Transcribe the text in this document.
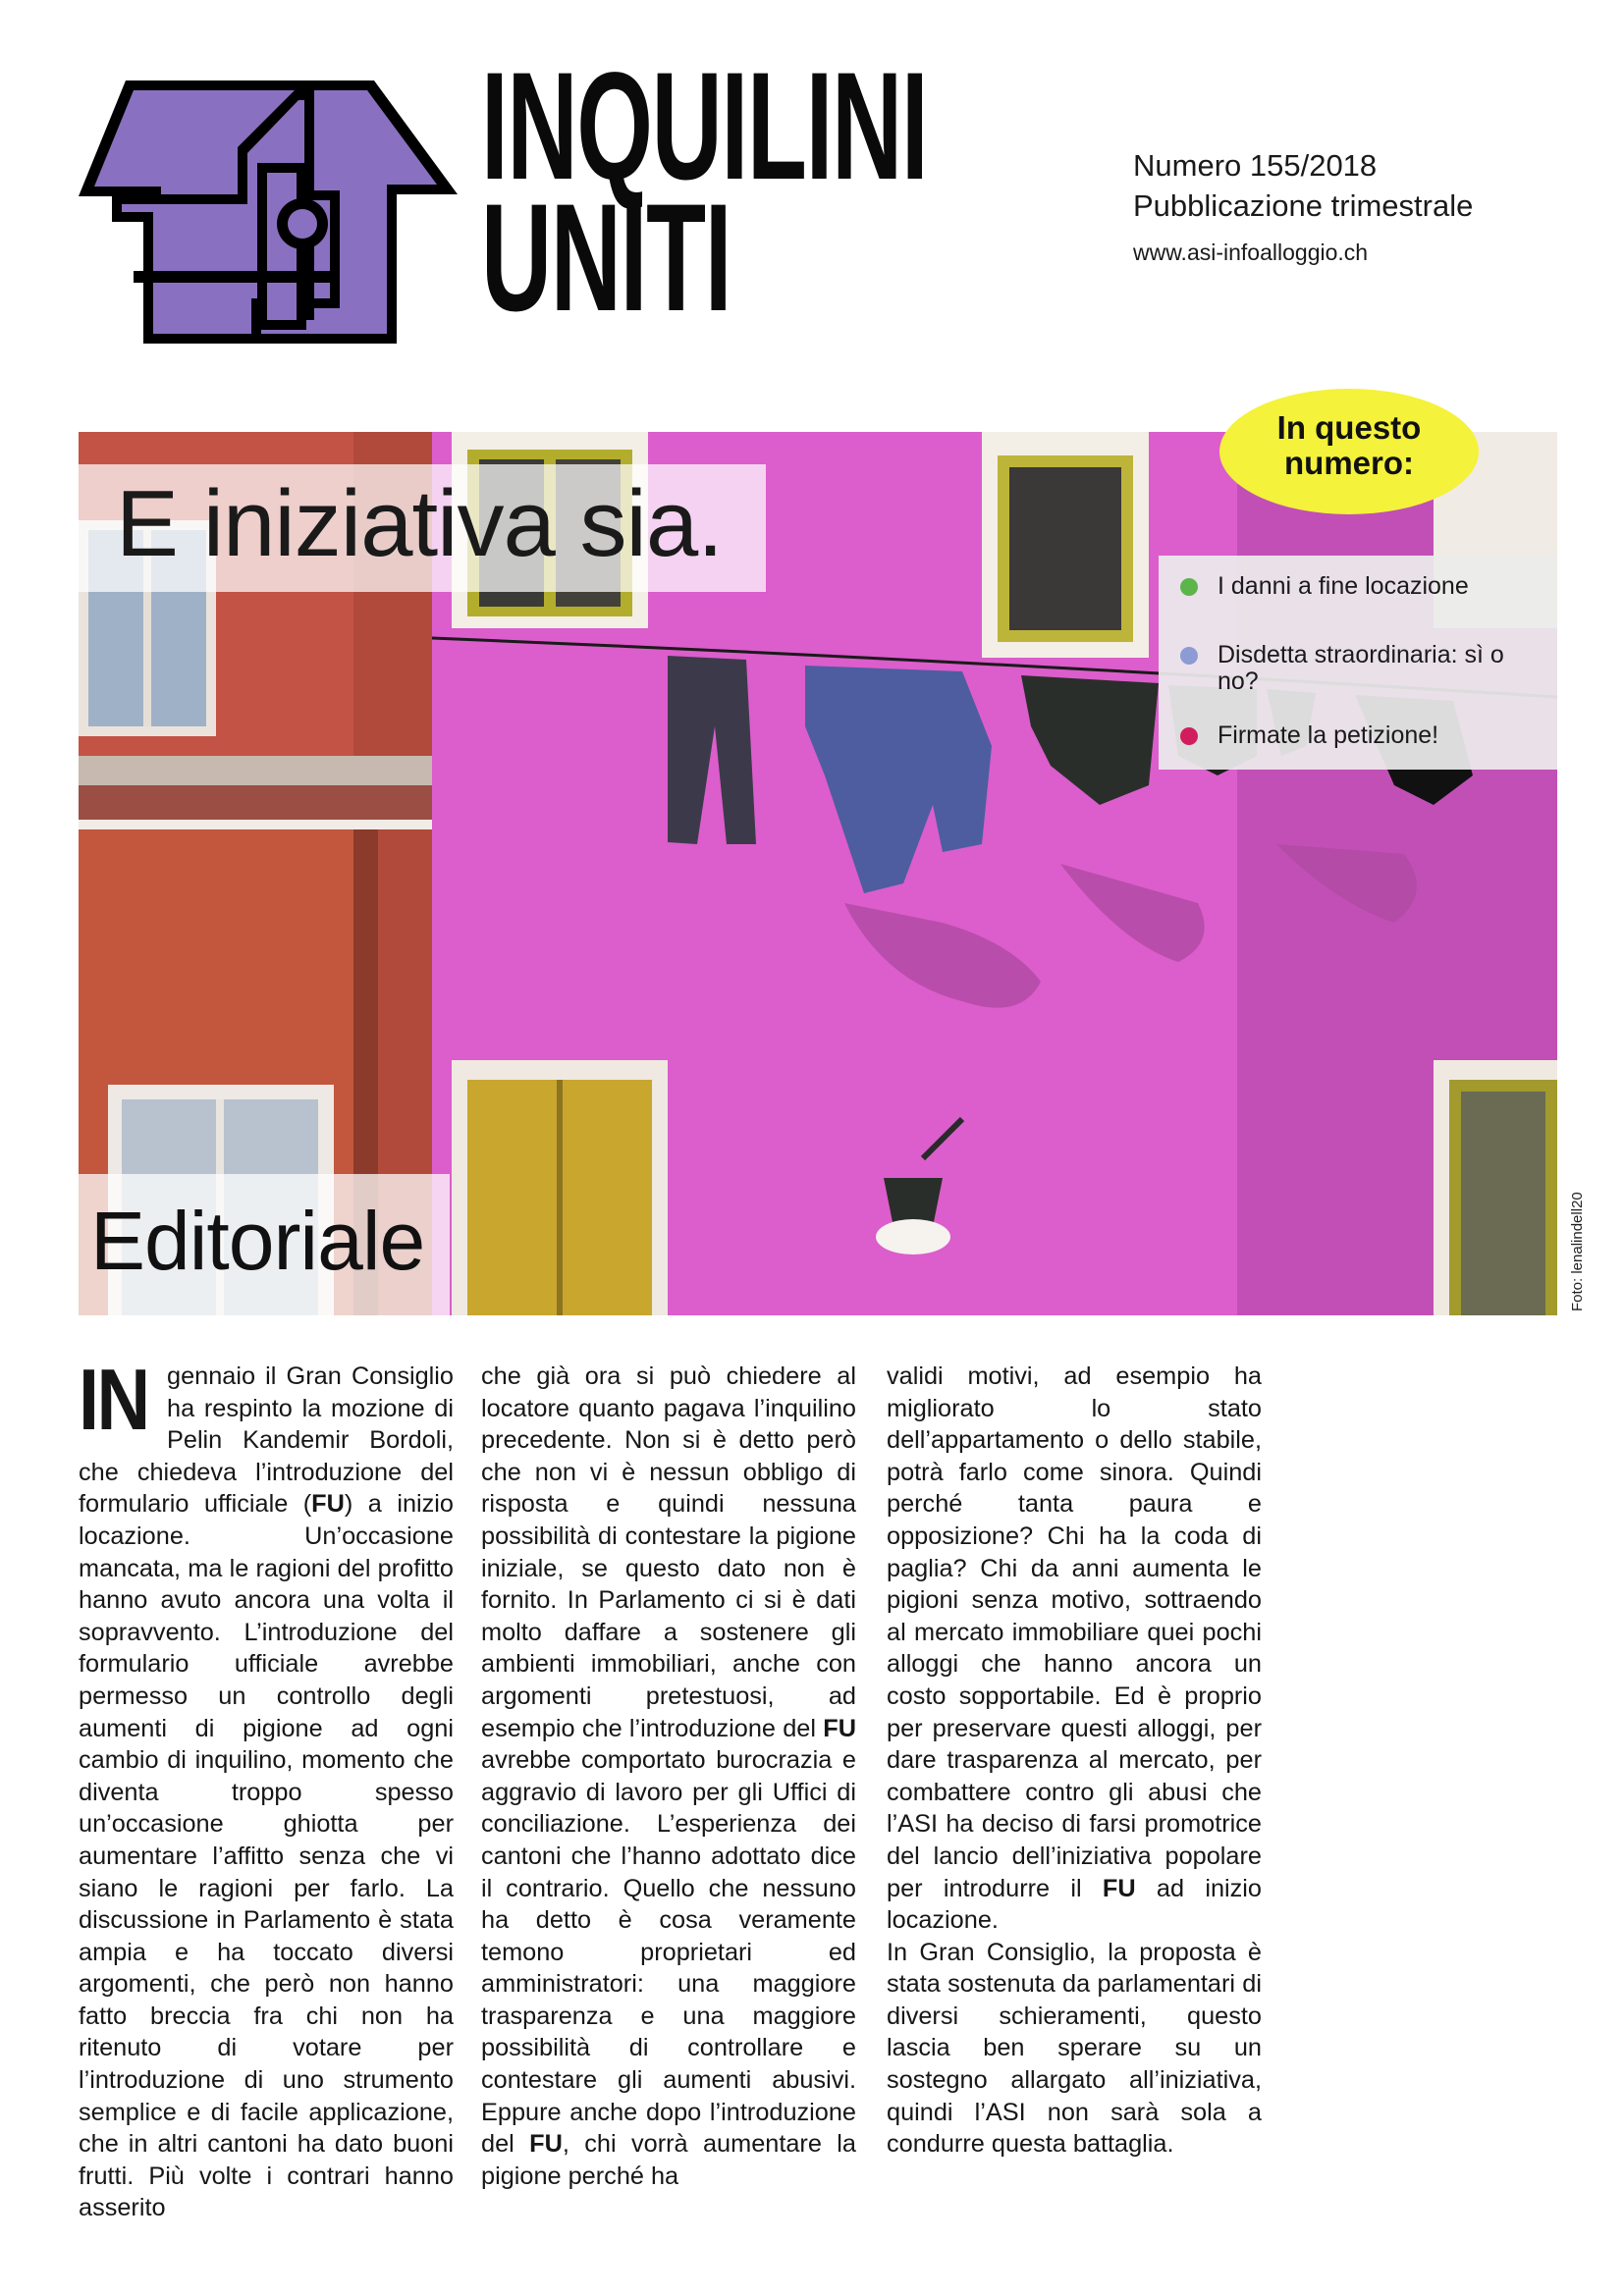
INQUILINI
UNITI
Numero 155/2018
Pubblicazione trimestrale
www.asi-infoalloggio.ch
E iniziativa sia.
Editoriale
In questo numero:
I danni a fine locazione
Disdetta straordinaria: sì o no?
Firmate la petizione!
Foto: lenalindell20

IN gennaio il Gran Consiglio ha respinto la mozione di Pelin Kandemir Bordoli, che chiedeva l’introduzione del formulario ufficiale (FU) a inizio locazione. Un’occasione mancata, ma le ragioni del profitto hanno avuto ancora una volta il sopravvento. L’introduzione del formulario ufficiale avrebbe permesso un controllo degli aumenti di pigione ad ogni cambio di inquilino, momento che diventa troppo spesso un’occasione ghiotta per aumentare l’affitto senza che vi siano le ragioni per farlo. La discussione in Parlamento è stata ampia e ha toccato diversi argomenti, che però non hanno fatto breccia fra chi non ha ritenuto di votare per l’introduzione di uno strumento semplice e di facile applicazione, che in altri cantoni ha dato buoni frutti. Più volte i contrari hanno asserito

che già ora si può chiedere al locatore quanto pagava l’inquilino precedente. Non si è detto però che non vi è nessun obbligo di risposta e quindi nessuna possibilità di contestare la pigione iniziale, se questo dato non è fornito. In Parlamento ci si è dati molto daffare a sostenere gli ambienti immobiliari, anche con argomenti pretestuosi, ad esempio che l’introduzione del FU avrebbe comportato burocrazia e aggravio di lavoro per gli Uffici di conciliazione. L’esperienza dei cantoni che l’hanno adottato dice il contrario. Quello che nessuno ha detto è cosa veramente temono proprietari ed amministratori: una maggiore trasparenza e una maggiore possibilità di controllare e contestare gli aumenti abusivi. Eppure anche dopo l’introduzione del FU, chi vorrà aumentare la pigione perché ha

validi motivi, ad esempio ha migliorato lo stato dell’appartamento o dello stabile, potrà farlo come sinora. Quindi perché tanta paura e opposizione? Chi ha la coda di paglia? Chi da anni aumenta le pigioni senza motivo, sottraendo al mercato immobiliare quei pochi alloggi che hanno ancora un costo sopportabile. Ed è proprio per preservare questi alloggi, per dare trasparenza al mercato, per combattere contro gli abusi che l’ASI ha deciso di farsi promotrice del lancio dell’iniziativa popolare per introdurre il FU ad inizio locazione.

In Gran Consiglio, la proposta è stata sostenuta da parlamentari di diversi schieramenti, questo lascia ben sperare su un sostegno allargato all’iniziativa, quindi l’ASI non sarà sola a condurre questa battaglia.
